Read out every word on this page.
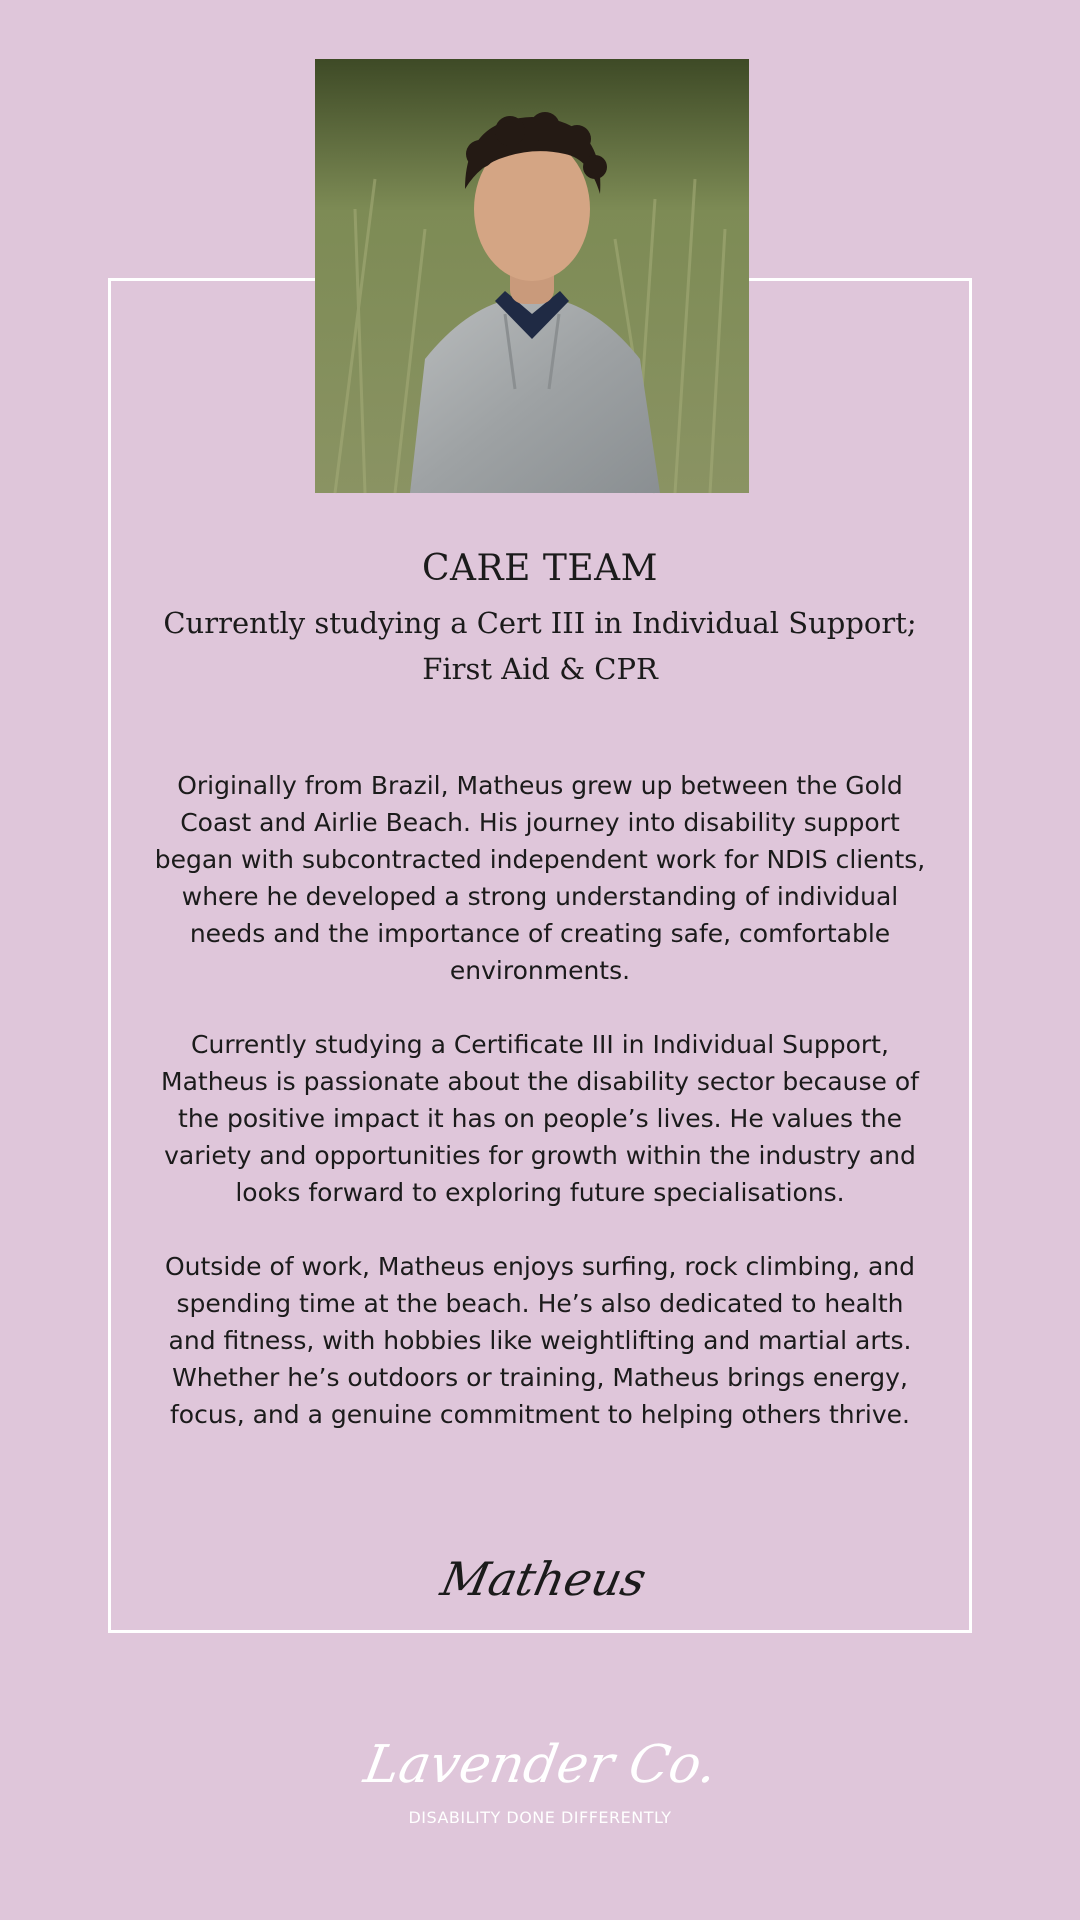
CARE TEAM
Currently studying a Cert III in Individual Support; First Aid & CPR

Originally from Brazil, Matheus grew up between the Gold Coast and Airlie Beach. His journey into disability support began with subcontracted independent work for NDIS clients, where he developed a strong understanding of individual needs and the importance of creating safe, comfortable environments.

Currently studying a Certificate III in Individual Support, Matheus is passionate about the disability sector because of the positive impact it has on people’s lives. He values the variety and opportunities for growth within the industry and looks forward to exploring future specialisations.

Outside of work, Matheus enjoys surfing, rock climbing, and spending time at the beach. He’s also dedicated to health and fitness, with hobbies like weightlifting and martial arts. Whether he’s outdoors or training, Matheus brings energy, focus, and a genuine commitment to helping others thrive.

Matheus
Lavender Co.
DISABILITY DONE DIFFERENTLY
